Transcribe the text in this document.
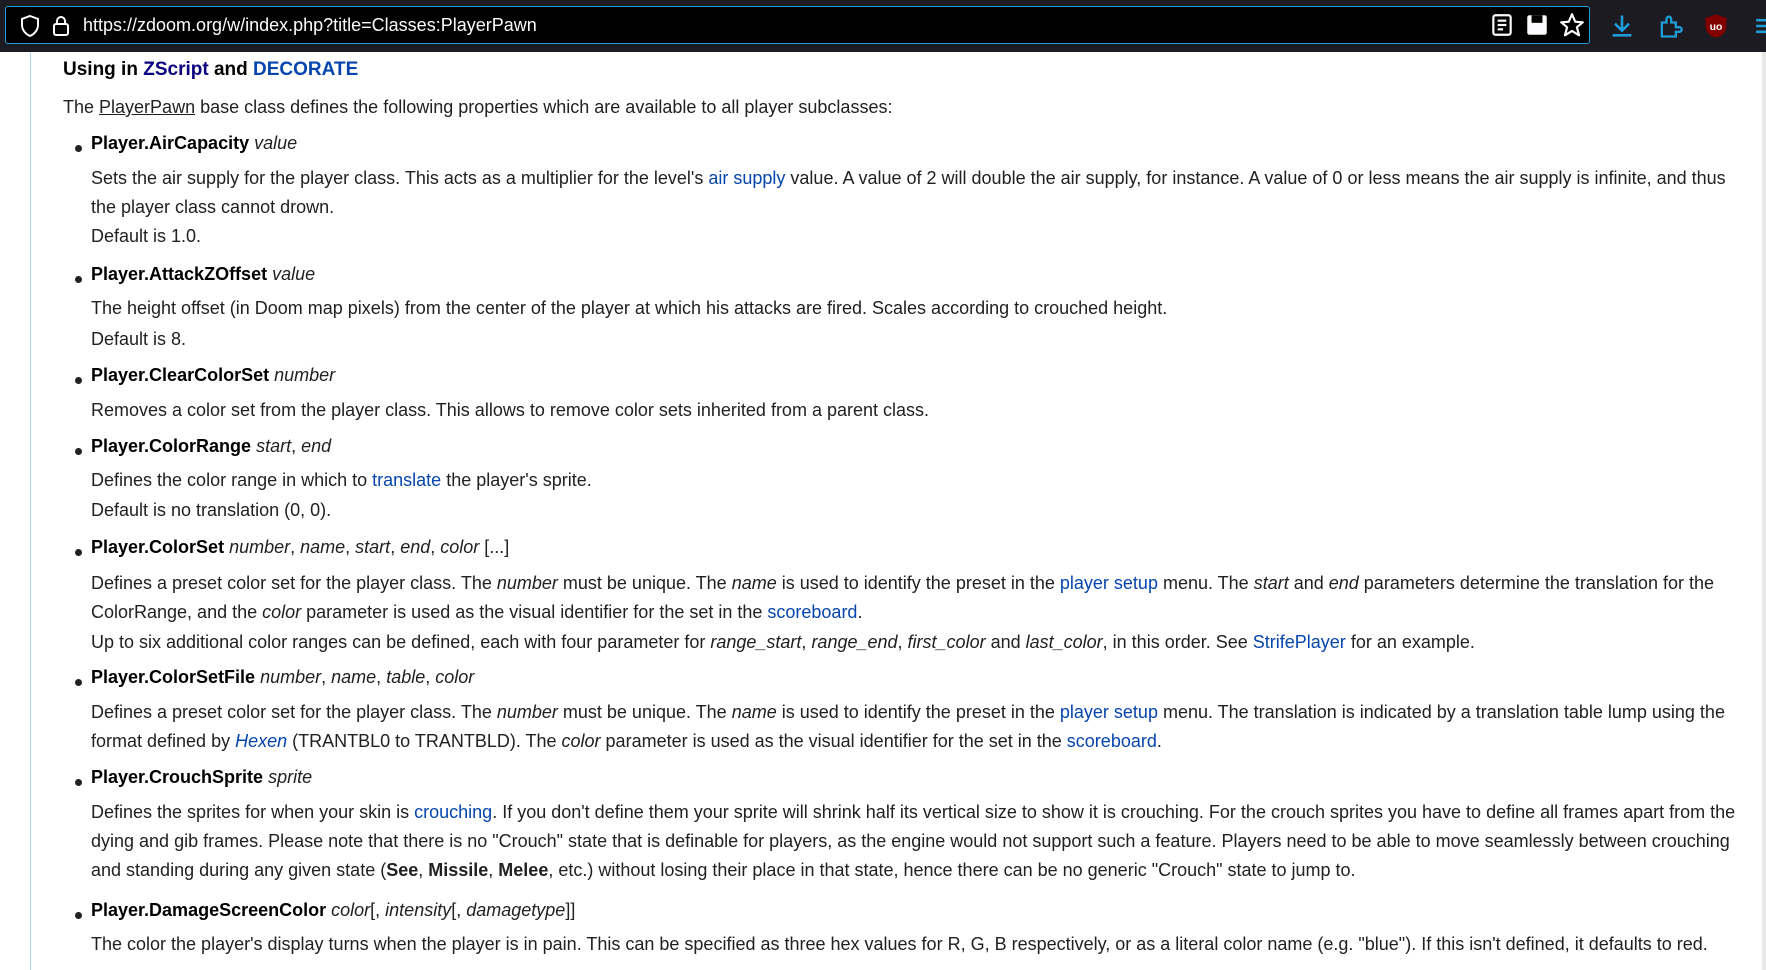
https://zdoom.org/w/index.php?title=Classes:PlayerPawn	uo
Using in ZScript and DECORATE
The PlayerPawn base class defines the following properties which are available to all player subclasses:
Player.AirCapacity value
Sets the air supply for the player class. This acts as a multiplier for the level's air supply value. A value of 2 will double the air supply, for instance. A value of 0 or less means the air supply is infinite, and thus the player class cannot drown.
Default is 1.0.
Player.AttackZOffset value
The height offset (in Doom map pixels) from the center of the player at which his attacks are fired. Scales according to crouched height.
Default is 8.
Player.ClearColorSet number
Removes a color set from the player class. This allows to remove color sets inherited from a parent class.
Player.ColorRange start, end
Defines the color range in which to translate the player's sprite.
Default is no translation (0, 0).
Player.ColorSet number, name, start, end, color [...]
Defines a preset color set for the player class. The number must be unique. The name is used to identify the preset in the player setup menu. The start and end parameters determine the translation for the ColorRange, and the color parameter is used as the visual identifier for the set in the scoreboard.
Up to six additional color ranges can be defined, each with four parameter for range_start, range_end, first_color and last_color, in this order. See StrifePlayer for an example.
Player.ColorSetFile number, name, table, color
Defines a preset color set for the player class. The number must be unique. The name is used to identify the preset in the player setup menu. The translation is indicated by a translation table lump using the format defined by Hexen (TRANTBL0 to TRANTBLD). The color parameter is used as the visual identifier for the set in the scoreboard.
Player.CrouchSprite sprite
Defines the sprites for when your skin is crouching. If you don't define them your sprite will shrink half its vertical size to show it is crouching. For the crouch sprites you have to define all frames apart from the dying and gib frames. Please note that there is no "Crouch" state that is definable for players, as the engine would not support such a feature. Players need to be able to move seamlessly between crouching and standing during any given state (See, Missile, Melee, etc.) without losing their place in that state, hence there can be no generic "Crouch" state to jump to.
Player.DamageScreenColor color[, intensity[, damagetype]]
The color the player's display turns when the player is in pain. This can be specified as three hex values for R, G, B respectively, or as a literal color name (e.g. "blue"). If this isn't defined, it defaults to red.
